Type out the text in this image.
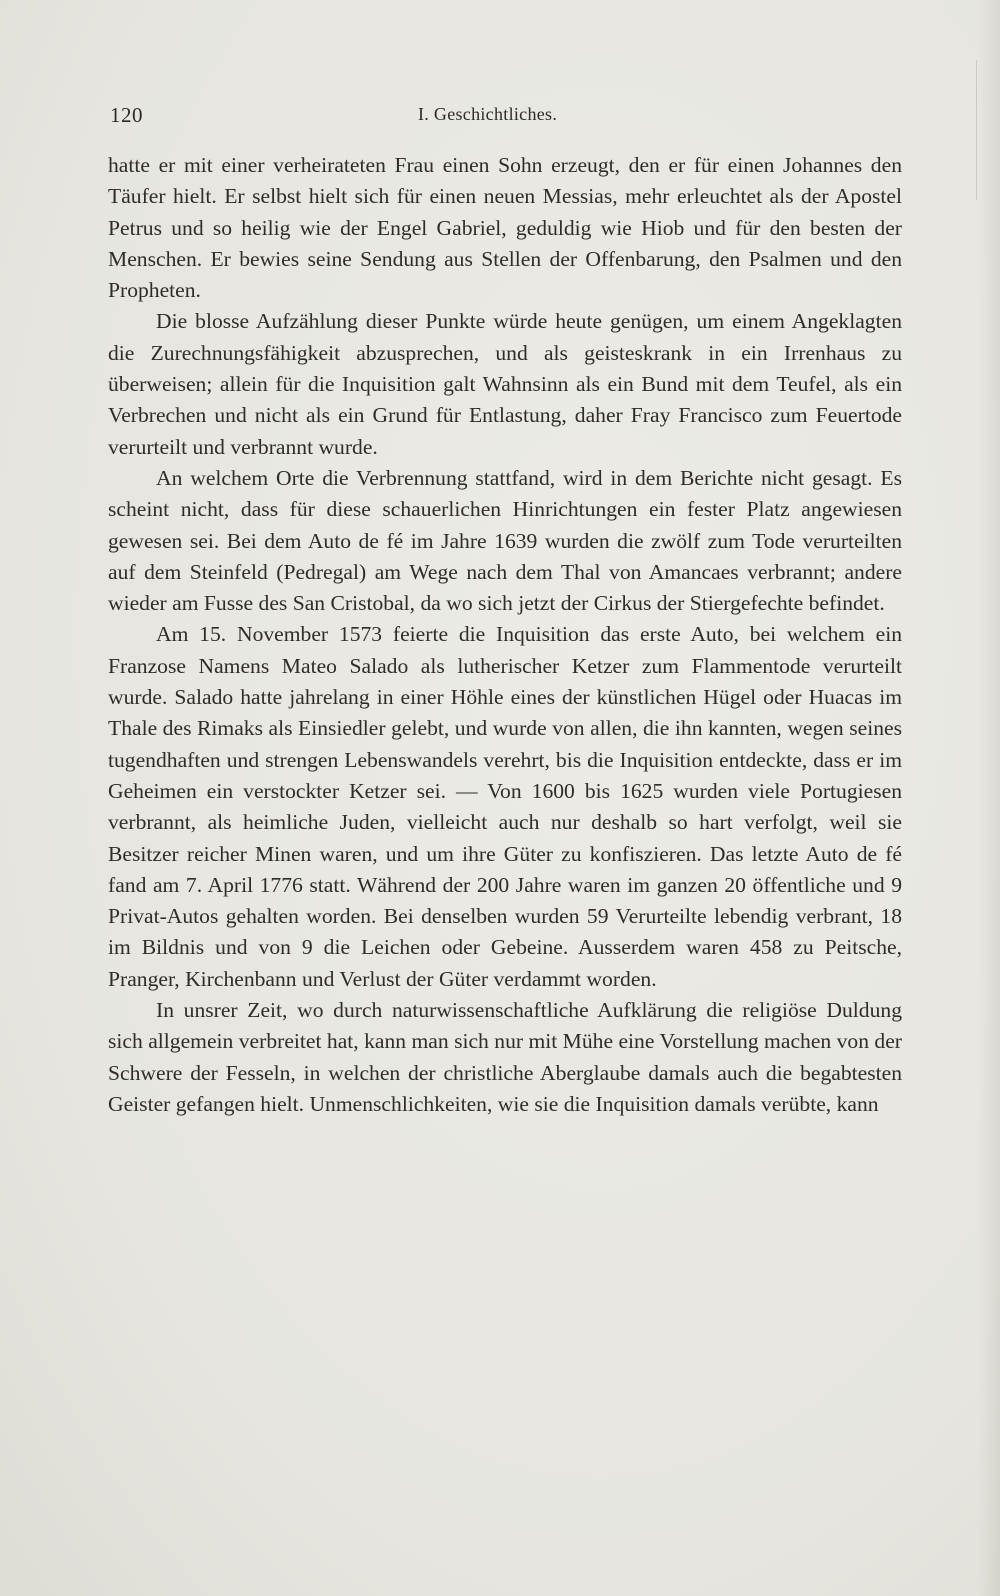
120	I. Geschichtliches.

hatte er mit einer verheirateten Frau einen Sohn erzeugt, den er für einen Johannes den Täufer hielt. Er selbst hielt sich für einen neuen Messias, mehr erleuchtet als der Apostel Petrus und so heilig wie der Engel Gabriel, geduldig wie Hiob und für den besten der Menschen. Er bewies seine Sendung aus Stellen der Offenbarung, den Psalmen und den Propheten.

Die blosse Aufzählung dieser Punkte würde heute genügen, um einem Angeklagten die Zurechnungsfähigkeit abzusprechen, und als geisteskrank in ein Irrenhaus zu überweisen; allein für die Inquisition galt Wahnsinn als ein Bund mit dem Teufel, als ein Verbrechen und nicht als ein Grund für Entlastung, daher Fray Francisco zum Feuertode verurteilt und verbrannt wurde.

An welchem Orte die Verbrennung stattfand, wird in dem Berichte nicht gesagt. Es scheint nicht, dass für diese schauerlichen Hinrichtungen ein fester Platz angewiesen gewesen sei. Bei dem Auto de fé im Jahre 1639 wurden die zwölf zum Tode verurteilten auf dem Steinfeld (Pedregal) am Wege nach dem Thal von Amancaes verbrannt; andere wieder am Fusse des San Cristobal, da wo sich jetzt der Cirkus der Stiergefechte befindet.

Am 15. November 1573 feierte die Inquisition das erste Auto, bei welchem ein Franzose Namens Mateo Salado als lutherischer Ketzer zum Flammentode verurteilt wurde. Salado hatte jahrelang in einer Höhle eines der künstlichen Hügel oder Huacas im Thale des Rimaks als Einsiedler gelebt, und wurde von allen, die ihn kannten, wegen seines tugendhaften und strengen Lebenswandels verehrt, bis die Inquisition entdeckte, dass er im Geheimen ein verstockter Ketzer sei. — Von 1600 bis 1625 wurden viele Portugiesen verbrannt, als heimliche Juden, vielleicht auch nur deshalb so hart verfolgt, weil sie Besitzer reicher Minen waren, und um ihre Güter zu konfiszieren. Das letzte Auto de fé fand am 7. April 1776 statt. Während der 200 Jahre waren im ganzen 20 öffentliche und 9 Privat-Autos gehalten worden. Bei denselben wurden 59 Verurteilte lebendig verbrant, 18 im Bildnis und von 9 die Leichen oder Gebeine. Ausserdem waren 458 zu Peitsche, Pranger, Kirchenbann und Verlust der Güter verdammt worden.

In unsrer Zeit, wo durch naturwissenschaftliche Aufklärung die religiöse Duldung sich allgemein verbreitet hat, kann man sich nur mit Mühe eine Vorstellung machen von der Schwere der Fesseln, in welchen der christliche Aberglaube damals auch die begabtesten Geister gefangen hielt. Unmenschlichkeiten, wie sie die Inquisition damals verübte, kann
